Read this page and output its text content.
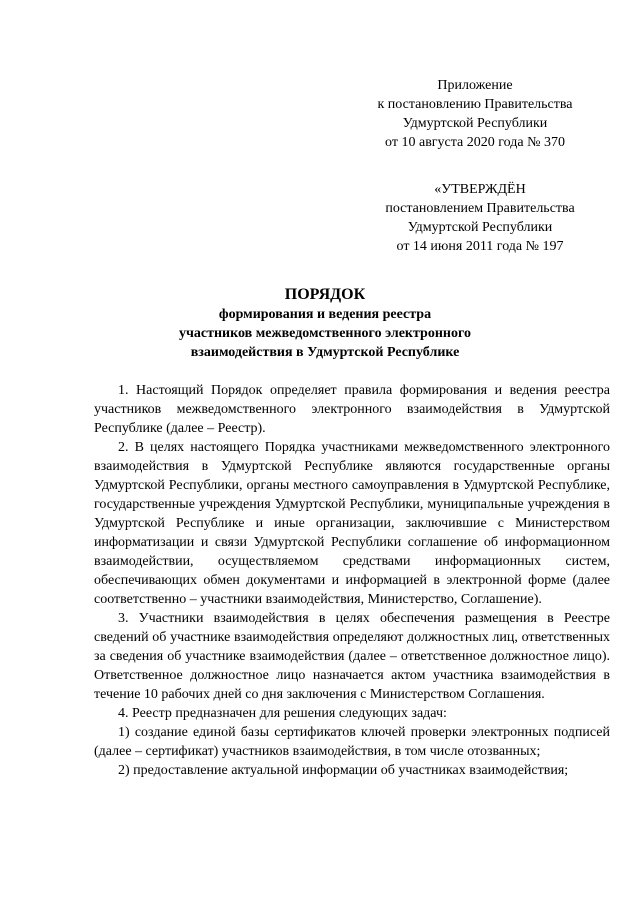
Приложение
к постановлению Правительства
Удмуртской Республики
от 10 августа 2020 года № 370
«УТВЕРЖДЁН
постановлением Правительства
Удмуртской Республики
от 14 июня 2011 года № 197
ПОРЯДОК
формирования и ведения реестра
участников межведомственного электронного
взаимодействия в Удмуртской Республике

1. Настоящий Порядок определяет правила формирования и ведения реестра участников межведомственного электронного взаимодействия в Удмуртской Республике (далее – Реестр).

2. В целях настоящего Порядка участниками межведомственного электронного взаимодействия в Удмуртской Республике являются государственные органы Удмуртской Республики, органы местного самоуправления в Удмуртской Республике, государственные учреждения Удмуртской Республики, муниципальные учреждения в Удмуртской Республике и иные организации, заключившие с Министерством информатизации и связи Удмуртской Республики соглашение об информационном взаимодействии, осуществляемом средствами информационных систем, обеспечивающих обмен документами и информацией в электронной форме (далее соответственно – участники взаимодействия, Министерство, Соглашение).

3. Участники взаимодействия в целях обеспечения размещения в Реестре сведений об участнике взаимодействия определяют должностных лиц, ответственных за сведения об участнике взаимодействия (далее – ответственное должностное лицо). Ответственное должностное лицо назначается актом участника взаимодействия в течение 10 рабочих дней со дня заключения с Министерством Соглашения.

4. Реестр предназначен для решения следующих задач:

1) создание единой базы сертификатов ключей проверки электронных подписей (далее – сертификат) участников взаимодействия, в том числе отозванных;

2) предоставление актуальной информации об участниках взаимодействия;
